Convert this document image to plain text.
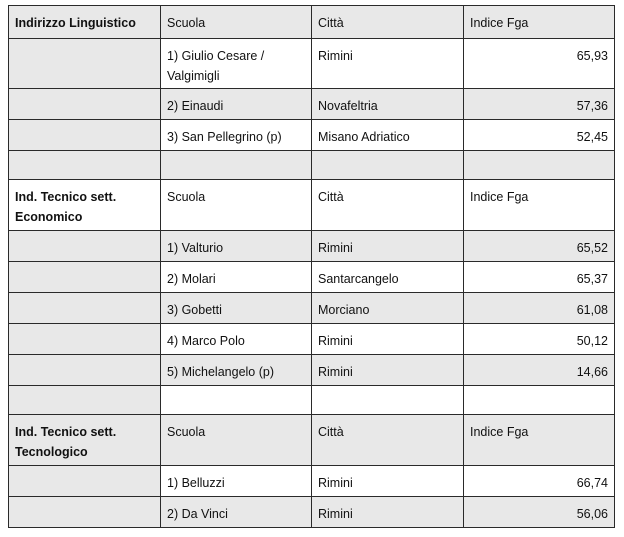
Indirizzo Linguistico	Scuola	Città	Indice Fga
	1) Giulio Cesare / Valgimigli	Rimini	65,93
	2) Einaudi	Novafeltria	57,36
	3) San Pellegrino (p)	Misano Adriatico	52,45

Ind. Tecnico sett. Economico	Scuola	Città	Indice Fga
	1) Valturio	Rimini	65,52
	2) Molari	Santarcangelo	65,37
	3) Gobetti	Morciano	61,08
	4) Marco Polo	Rimini	50,12
	5) Michelangelo (p)	Rimini	14,66

Ind. Tecnico sett. Tecnologico	Scuola	Città	Indice Fga
	1) Belluzzi	Rimini	66,74
	2) Da Vinci	Rimini	56,06
